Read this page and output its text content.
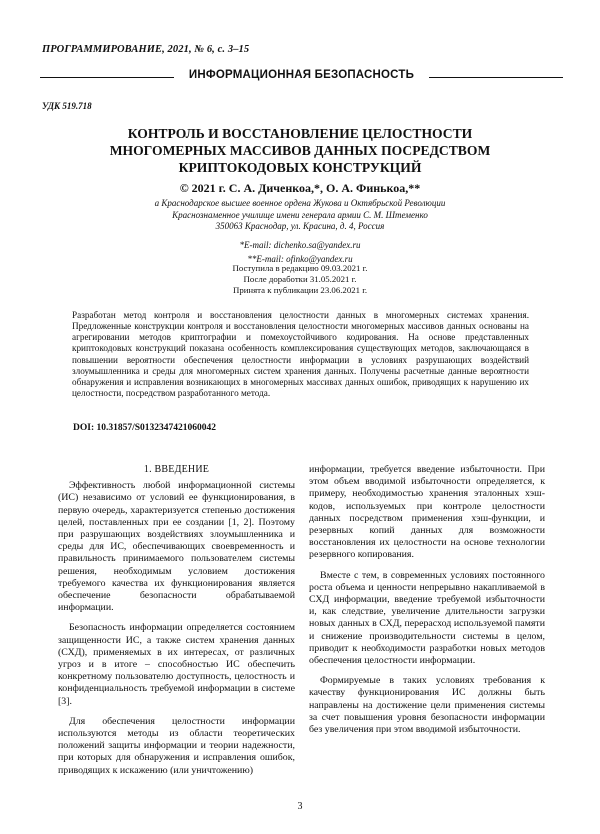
ПРОГРАММИРОВАНИЕ, 2021, № 6, с. 3–15
ИНФОРМАЦИОННАЯ БЕЗОПАСНОСТЬ
УДК 519.718
КОНТРОЛЬ И ВОССТАНОВЛЕНИЕ ЦЕЛОСТНОСТИ
МНОГОМЕРНЫХ МАССИВОВ ДАННЫХ ПОСРЕДСТВОМ
КРИПТОКОДОВЫХ КОНСТРУКЦИЙ
© 2021 г. С. А. Диченкоa,*, О. А. Финькоa,**
a Краснодарское высшее военное ордена Жукова и Октябрьской Революции
Краснознаменное училище имени генерала армии С. М. Штеменко
350063 Краснодар, ул. Красина, д. 4, Россия
*E-mail: dichenko.sa@yandex.ru
**E-mail: ofinko@yandex.ru
Поступила в редакцию 09.03.2021 г.
После доработки 31.05.2021 г.
Принята к публикации 23.06.2021 г.
Разработан метод контроля и восстановления целостности данных в многомерных системах хранения. Предложенные конструкции контроля и восстановления целостности многомерных массивов данных основаны на агрегировании методов криптографии и помехоустойчивого кодирования. На основе представленных криптокодовых конструкций показана особенность комплексирования существующих методов, заключающаяся в повышении вероятности обеспечения целостности информации в условиях разрушающих воздействий злоумышленника и среды для многомерных систем хранения данных. Получены расчетные данные вероятности обнаружения и исправления возникающих в многомерных массивах данных ошибок, приводящих к нарушению их целостности, посредством разработанного метода.
DOI: 10.31857/S0132347421060042
1. ВВЕДЕНИЕ

Эффективность любой информационной системы (ИС) независимо от условий ее функционирования, в первую очередь, характеризуется степенью достижения целей, поставленных при ее создании [1, 2]. Поэтому при разрушающих воздействиях злоумышленника и среды для ИС, обеспечивающих своевременность и правильность принимаемого пользователем системы решения, необходимым условием достижения требуемого качества их функционирования является обеспечение безопасности обрабатываемой информации.

Безопасность информации определяется состоянием защищенности ИС, а также систем хранения данных (СХД), применяемых в их интересах, от различных угроз и в итоге – способностью ИС обеспечить конкретному пользователю доступность, целостность и конфиденциальность требуемой информации в системе [3].

Для обеспечения целостности информации используются методы из области теоретических положений защиты информации и теории надежности, при которых для обнаружения и исправления ошибок, приводящих к искажению (или уничтожению)

информации, требуется введение избыточности. При этом объем вводимой избыточности определяется, к примеру, необходимостью хранения эталонных хэш-кодов, используемых при контроле целостности данных посредством применения хэш-функции, и резервных копий данных для возможности восстановления их целостности на основе технологии резервного копирования.

Вместе с тем, в современных условиях постоянного роста объема и ценности непрерывно накапливаемой в СХД информации, введение требуемой избыточности и, как следствие, увеличение длительности загрузки новых данных в СХД, перерасход используемой памяти и снижение производительности системы в целом, приводит к необходимости разработки новых методов обеспечения целостности информации.

Формируемые в таких условиях требования к качеству функционирования ИС должны быть направлены на достижение цели применения системы за счет повышения уровня безопасности информации без увеличения при этом вводимой избыточности.

3
